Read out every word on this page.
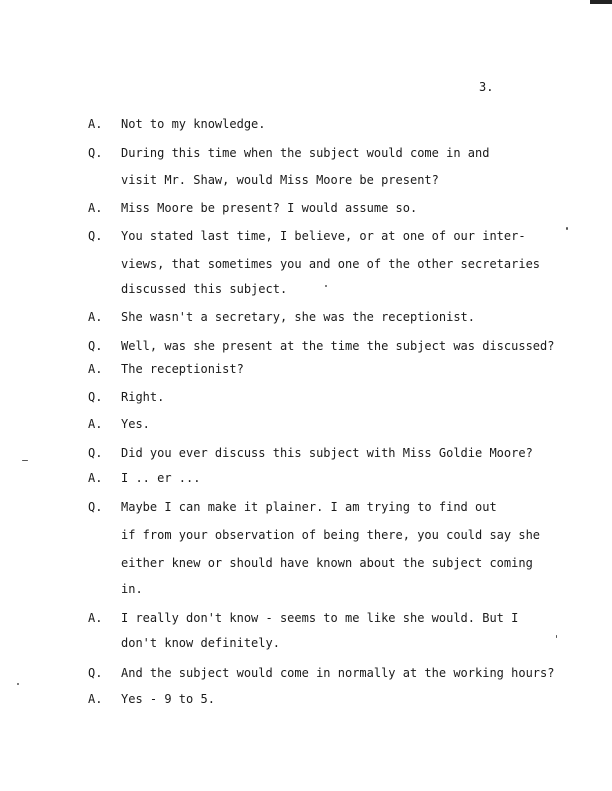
3.
A. Not to my knowledge.
Q. During this time when the subject would come in and
visit Mr. Shaw, would Miss Moore be present?
A. Miss Moore be present? I would assume so.
Q. You stated last time, I believe, or at one of our inter-
views, that sometimes you and one of the other secretaries
discussed this subject.
A. She wasn't a secretary, she was the receptionist.
Q. Well, was she present at the time the subject was discussed?
A. The receptionist?
Q. Right.
A. Yes.
Q. Did you ever discuss this subject with Miss Goldie Moore?
A. I .. er ...
Q. Maybe I can make it plainer. I am trying to find out
if from your observation of being there, you could say she
either knew or should have known about the subject coming
in.
A. I really don't know - seems to me like she would. But I
don't know definitely.
Q. And the subject would come in normally at the working hours?
A. Yes - 9 to 5.
